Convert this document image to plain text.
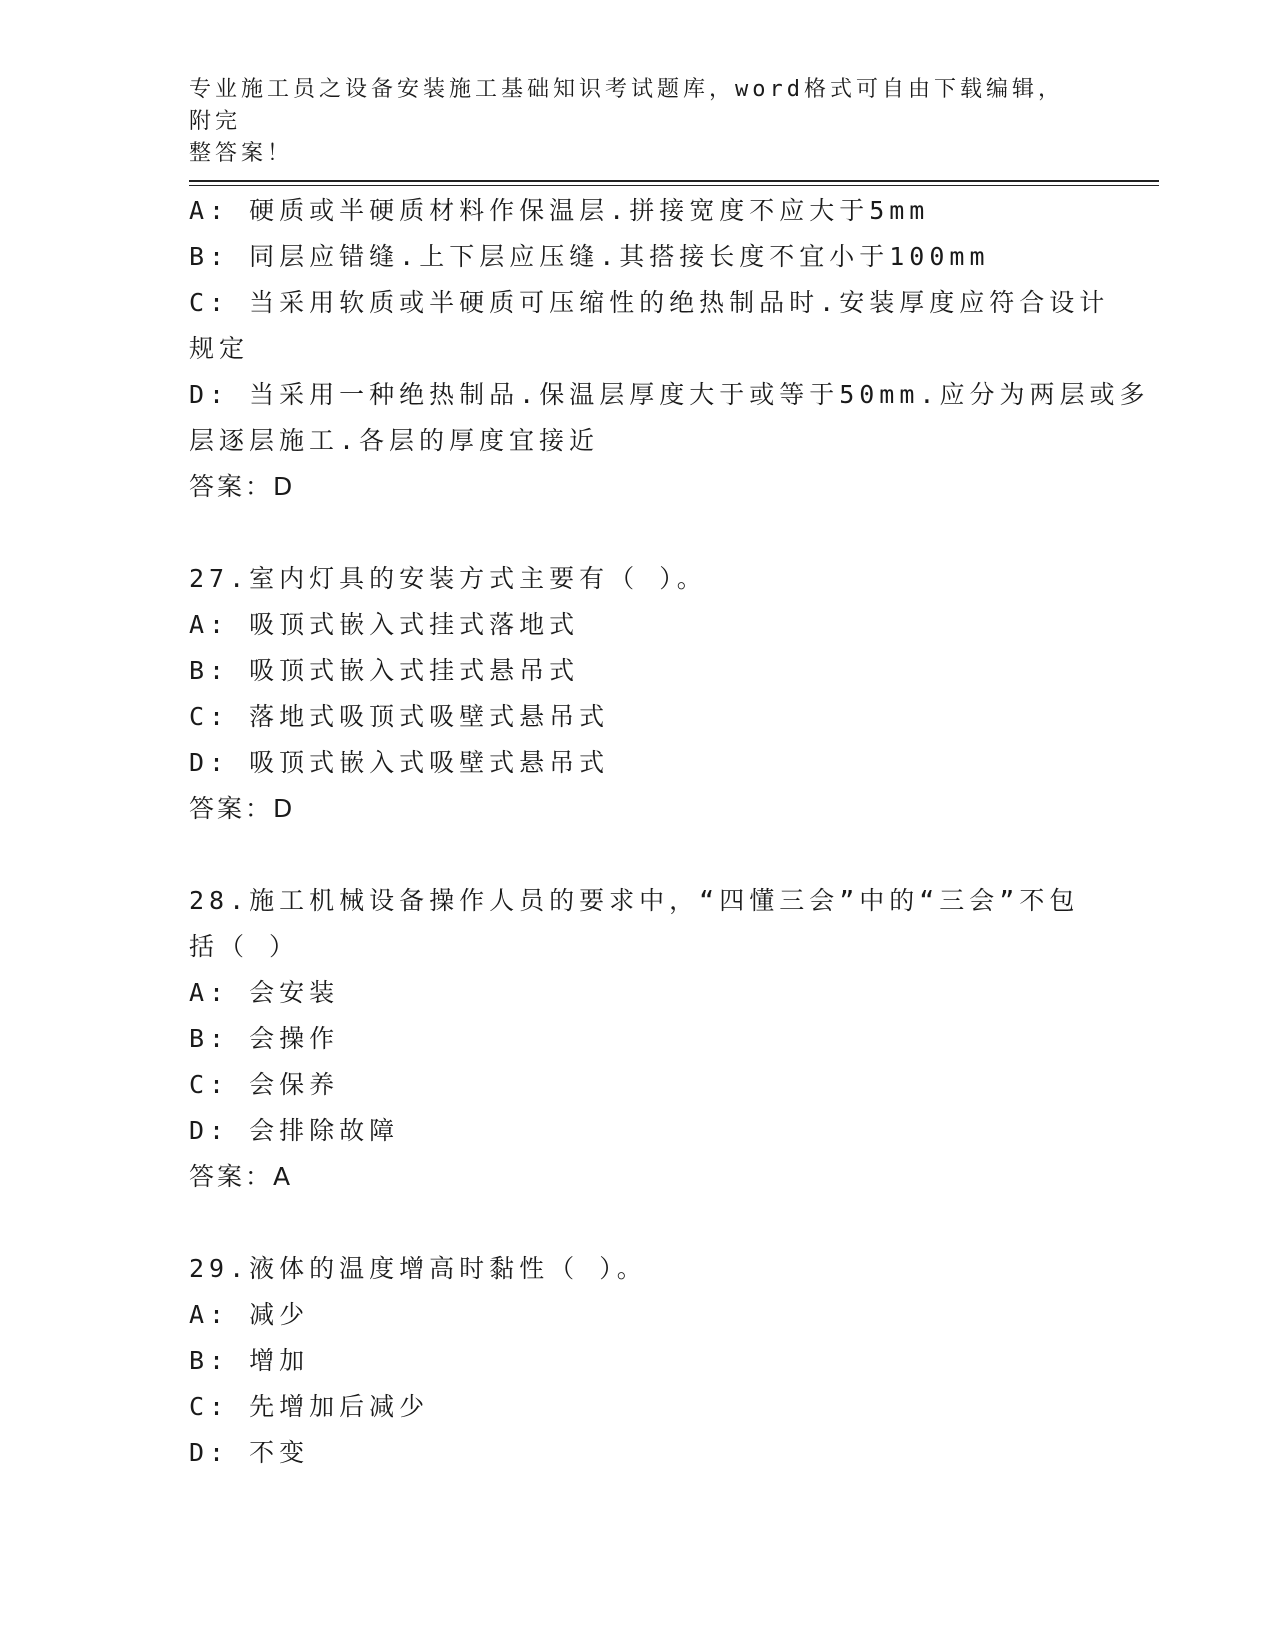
专业施工员之设备安装施工基础知识考试题库，word格式可自由下载编辑，附完
整答案！
A: 硬质或半硬质材料作保温层.拼接宽度不应大于5mm
B: 同层应错缝.上下层应压缝.其搭接长度不宜小于100mm
C: 当采用软质或半硬质可压缩性的绝热制品时.安装厚度应符合设计
规定
D: 当采用一种绝热制品.保温层厚度大于或等于50mm.应分为两层或多
层逐层施工.各层的厚度宜接近
答案：D
27.室内灯具的安装方式主要有（ ）。
A: 吸顶式嵌入式挂式落地式
B: 吸顶式嵌入式挂式悬吊式
C: 落地式吸顶式吸壁式悬吊式
D: 吸顶式嵌入式吸壁式悬吊式
答案：D
28.施工机械设备操作人员的要求中，“四懂三会”中的“三会”不包
括（ ）
A: 会安装
B: 会操作
C: 会保养
D: 会排除故障
答案：A
29.液体的温度增高时黏性（ ）。
A: 减少
B: 增加
C: 先增加后减少
D: 不变
